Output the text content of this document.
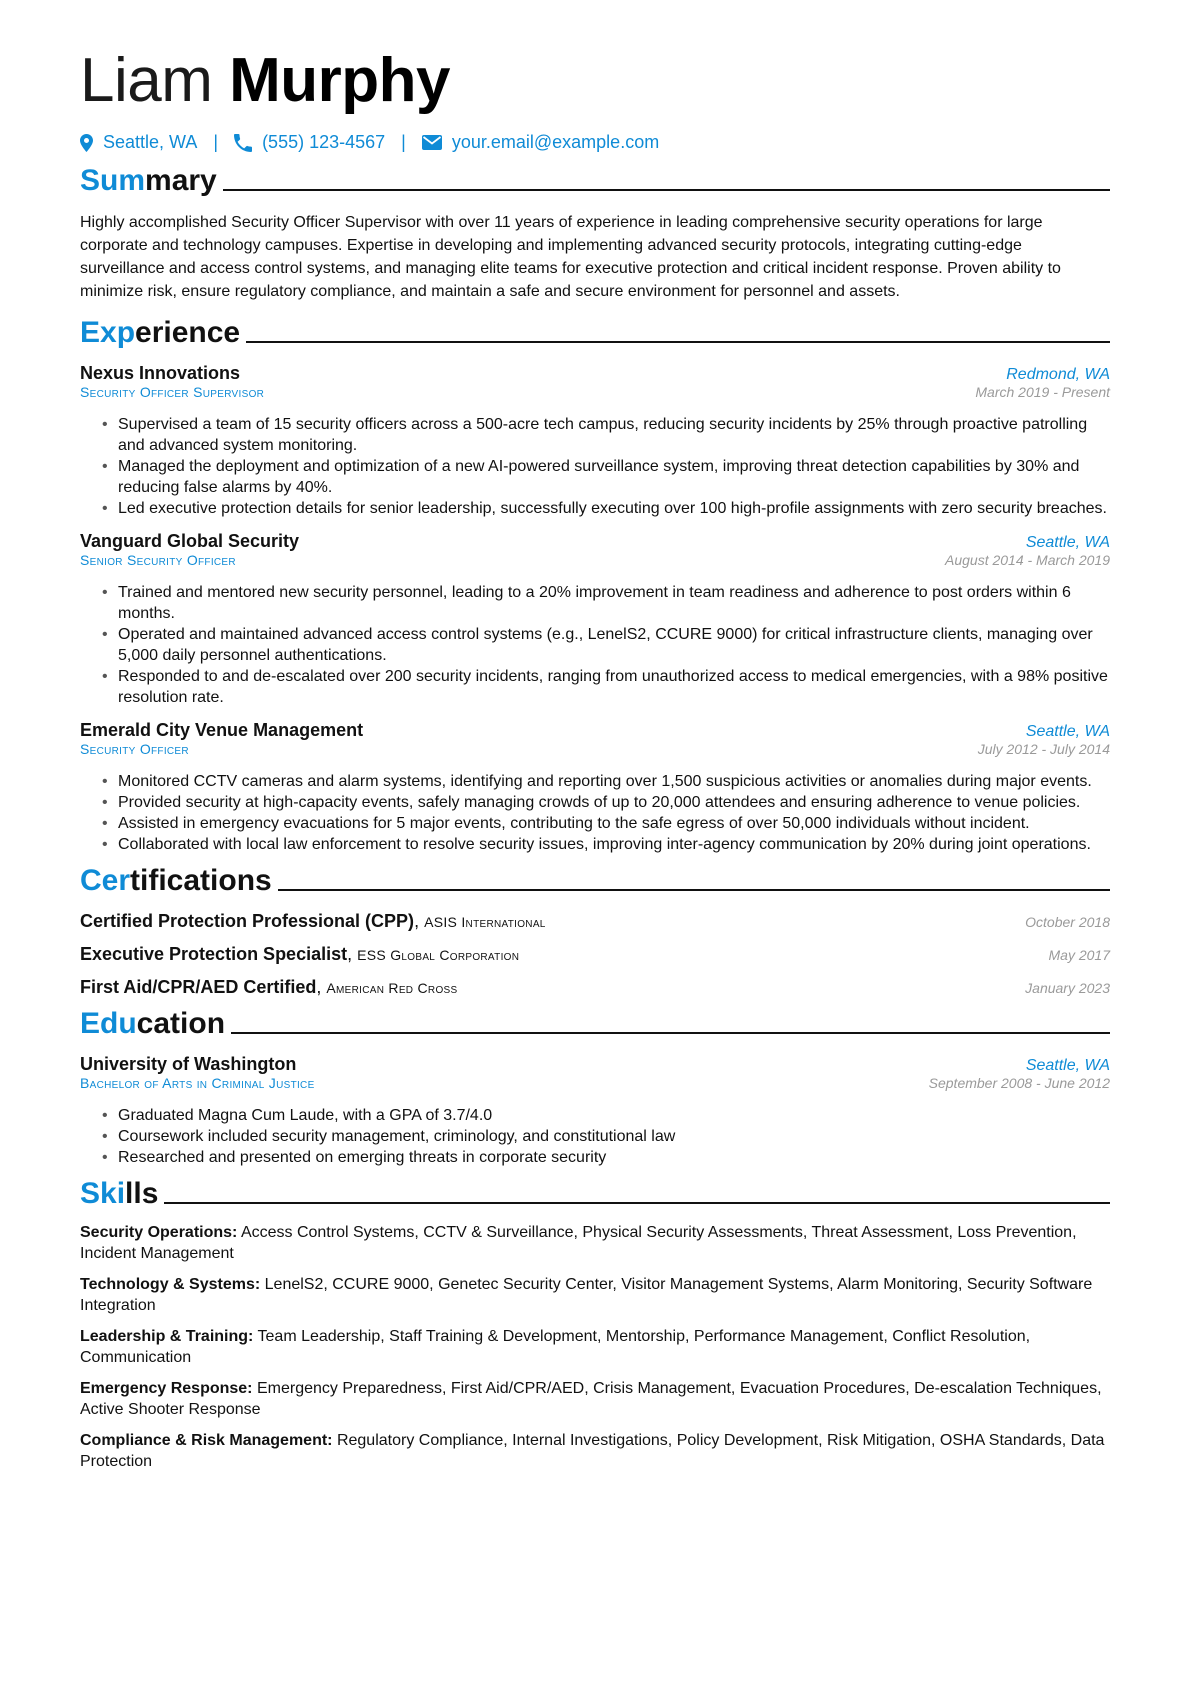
Liam Murphy
Seattle, WA | (555) 123-4567 |	your.email@example.com
Summary
Highly accomplished Security Officer Supervisor with over 11 years of experience in leading comprehensive security operations for large corporate and technology campuses. Expertise in developing and implementing advanced security protocols, integrating cutting-edge surveillance and access control systems, and managing elite teams for executive protection and critical incident response. Proven ability to minimize risk, ensure regulatory compliance, and maintain a safe and secure environment for personnel and assets.
Experience
Nexus Innovations	Redmond, WA
Security Officer Supervisor	March 2019 - Present
• Supervised a team of 15 security officers across a 500-acre tech campus, reducing security incidents by 25% through proactive patrolling and advanced system monitoring.
• Managed the deployment and optimization of a new AI-powered surveillance system, improving threat detection capabilities by 30% and reducing false alarms by 40%.
• Led executive protection details for senior leadership, successfully executing over 100 high-profile assignments with zero security breaches.
Vanguard Global Security	Seattle, WA
Senior Security Officer	August 2014 - March 2019
• Trained and mentored new security personnel, leading to a 20% improvement in team readiness and adherence to post orders within 6 months.
• Operated and maintained advanced access control systems (e.g., LenelS2, CCURE 9000) for critical infrastructure clients, managing over 5,000 daily personnel authentications.
• Responded to and de-escalated over 200 security incidents, ranging from unauthorized access to medical emergencies, with a 98% positive resolution rate.
Emerald City Venue Management	Seattle, WA
Security Officer	July 2012 - July 2014
• Monitored CCTV cameras and alarm systems, identifying and reporting over 1,500 suspicious activities or anomalies during major events.
• Provided security at high-capacity events, safely managing crowds of up to 20,000 attendees and ensuring adherence to venue policies.
• Assisted in emergency evacuations for 5 major events, contributing to the safe egress of over 50,000 individuals without incident.
• Collaborated with local law enforcement to resolve security issues, improving inter-agency communication by 20% during joint operations.
Certifications
Certified Protection Professional (CPP), ASIS International	October 2018
Executive Protection Specialist, ESS Global Corporation	May 2017
First Aid/CPR/AED Certified, American Red Cross	January 2023
Education
University of Washington	Seattle, WA
Bachelor of Arts in Criminal Justice	September 2008 - June 2012
• Graduated Magna Cum Laude, with a GPA of 3.7/4.0
• Coursework included security management, criminology, and constitutional law
• Researched and presented on emerging threats in corporate security
Skills
Security Operations: Access Control Systems, CCTV & Surveillance, Physical Security Assessments, Threat Assessment, Loss Prevention, Incident Management
Technology & Systems: LenelS2, CCURE 9000, Genetec Security Center, Visitor Management Systems, Alarm Monitoring, Security Software Integration
Leadership & Training: Team Leadership, Staff Training & Development, Mentorship, Performance Management, Conflict Resolution, Communication
Emergency Response: Emergency Preparedness, First Aid/CPR/AED, Crisis Management, Evacuation Procedures, De-escalation Techniques, Active Shooter Response
Compliance & Risk Management: Regulatory Compliance, Internal Investigations, Policy Development, Risk Mitigation, OSHA Standards, Data Protection
